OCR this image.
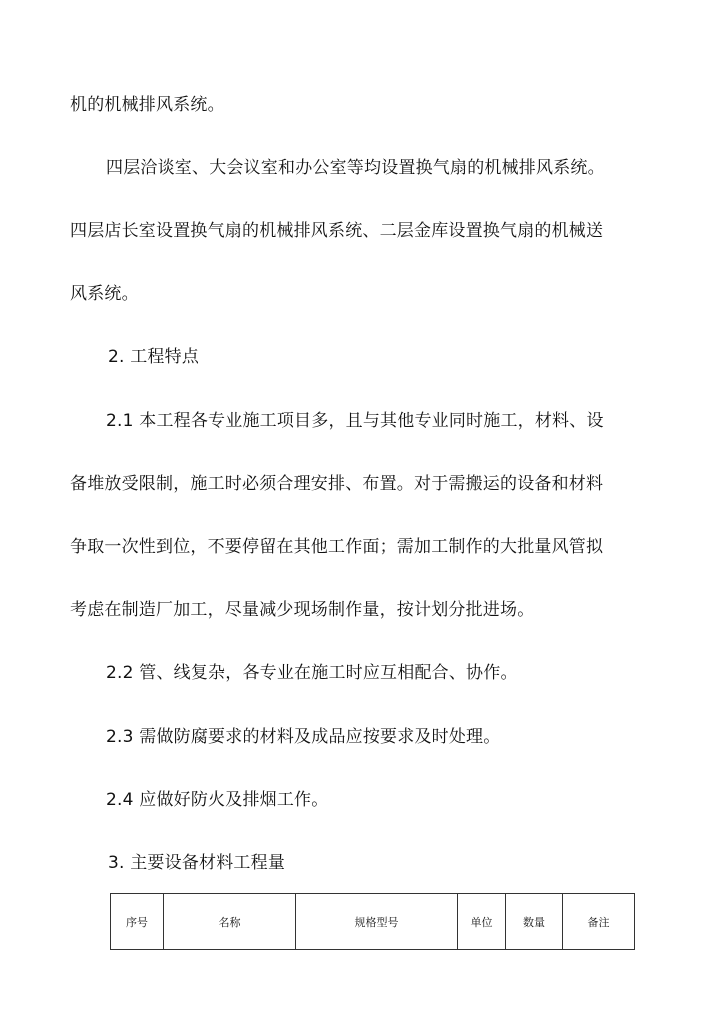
机的机械排风系统。
四层洽谈室、大会议室和办公室等均设置换气扇的机械排风系统。
四层店长室设置换气扇的机械排风系统、二层金库设置换气扇的机械送
风系统。
2. 工程特点
2.1 本工程各专业施工项目多，且与其他专业同时施工，材料、设
备堆放受限制，施工时必须合理安排、布置。对于需搬运的设备和材料
争取一次性到位，不要停留在其他工作面；需加工制作的大批量风管拟
考虑在制造厂加工，尽量减少现场制作量，按计划分批进场。
2.2 管、线复杂，各专业在施工时应互相配合、协作。
2.3 需做防腐要求的材料及成品应按要求及时处理。
2.4 应做好防火及排烟工作。
3. 主要设备材料工程量
序号	名称	规格型号	单位	数量	备注
